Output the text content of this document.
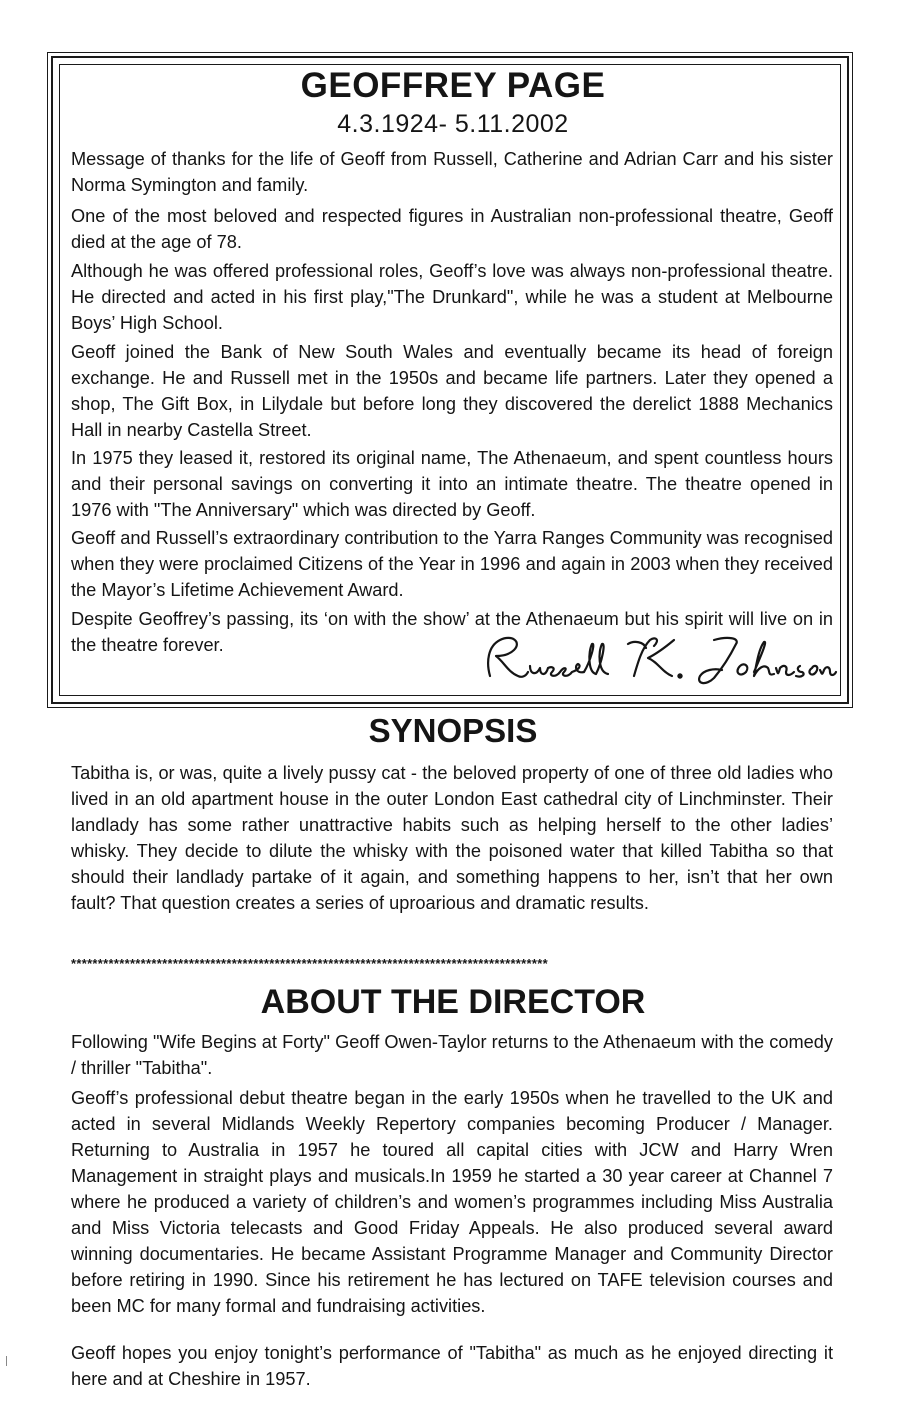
GEOFFREY PAGE
4.3.1924- 5.11.2002

Message of thanks for the life of Geoff from Russell, Catherine and Adrian Carr and his sister Norma Symington and family.

One of the most beloved and respected figures in Australian non-professional theatre, Geoff died at the age of 78.

Although he was offered professional roles, Geoff’s love was always non-professional theatre. He directed and acted in his first play,"The Drunkard", while he was a student at Melbourne Boys’ High School.

Geoff joined the Bank of New South Wales and eventually became its head of foreign exchange. He and Russell met in the 1950s and became life partners. Later they opened a shop, The Gift Box, in Lilydale but before long they discovered the derelict 1888 Mechanics Hall in nearby Castella Street.

In 1975 they leased it, restored its original name, The Athenaeum, and spent countless hours and their personal savings on converting it into an intimate theatre. The theatre opened in 1976 with "The Anniversary" which was directed by Geoff.

Geoff and Russell’s extraordinary contribution to the Yarra Ranges Community was recognised when they were proclaimed Citizens of the Year in 1996 and again in 2003 when they received the Mayor’s Lifetime Achievement Award.

Despite Geoffrey’s passing, its ‘on with the show’ at the Athenaeum but his spirit will live on in the theatre forever.

SYNOPSIS

Tabitha is, or was, quite a lively pussy cat - the beloved property of one of three old ladies who lived in an old apartment house in the outer London East cathedral city of Linchminster. Their landlady has some rather unattractive habits such as helping herself to the other ladies’ whisky. They decide to dilute the whisky with the poisoned water that killed Tabitha so that should their landlady partake of it again, and something happens to her, isn’t that her own fault? That question creates a series of uproarious and dramatic results.

*****************************************************************************************
ABOUT THE DIRECTOR

Following "Wife Begins at Forty" Geoff Owen-Taylor returns to the Athenaeum with the comedy / thriller "Tabitha".

Geoff’s professional debut theatre began in the early 1950s when he travelled to the UK and acted in several Midlands Weekly Repertory companies becoming Producer / Manager. Returning to Australia in 1957 he toured all capital cities with JCW and Harry Wren Management in straight plays and musicals.In 1959 he started a 30 year career at Channel 7 where he produced a variety of children’s and women’s programmes including Miss Australia and Miss Victoria telecasts and Good Friday Appeals. He also produced several award winning documentaries. He became Assistant Programme Manager and Community Director before retiring in 1990. Since his retirement he has lectured on TAFE television courses and been MC for many formal and fundraising activities.

Geoff hopes you enjoy tonight’s performance of "Tabitha" as much as he enjoyed directing it here and at Cheshire in 1957.
